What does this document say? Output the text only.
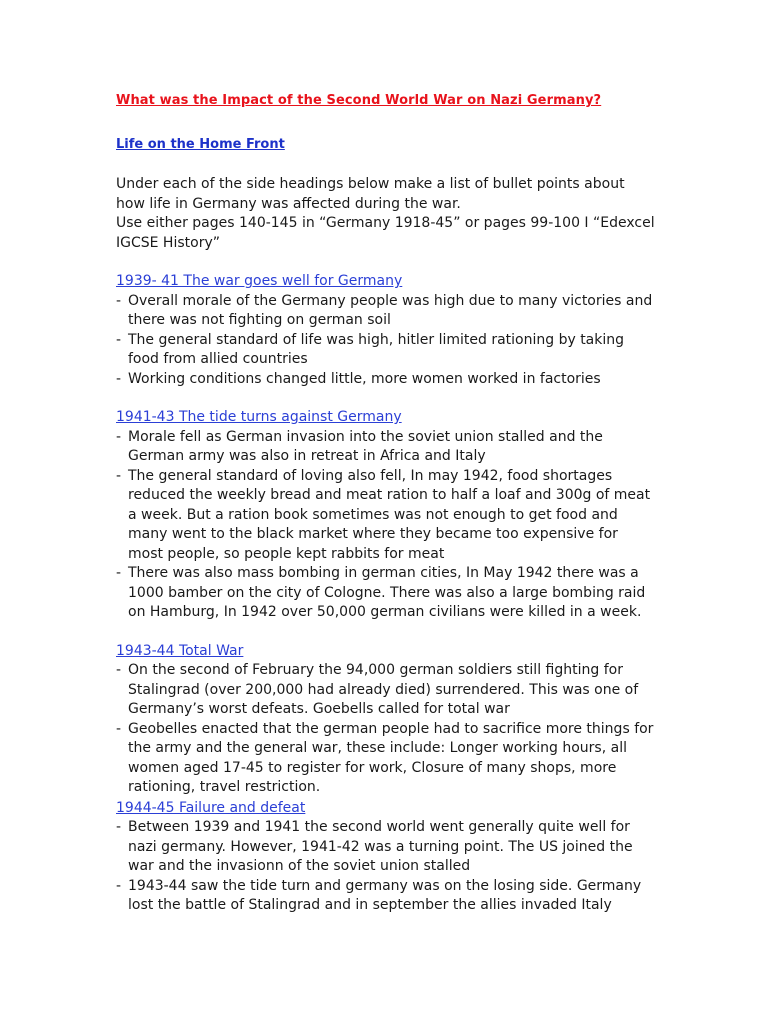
What was the Impact of the Second World War on Nazi Germany?

Life on the Home Front

Under each of the side headings below make a list of bullet points about how life in Germany was affected during the war.

Use either pages 140-145 in “Germany 1918-45” or pages 99-100 I “Edexcel IGCSE History”

1939- 41 The war goes well for Germany

- Overall morale of the Germany people was high due to many victories and there was not fighting on german soil
- The general standard of life was high, hitler limited rationing by taking food from allied countries
- Working conditions changed little, more women worked in factories

1941-43 The tide turns against Germany

- Morale fell as German invasion into the soviet union stalled and the German army was also in retreat in Africa and Italy
- The general standard of loving also fell, In may 1942, food shortages reduced the weekly bread and meat ration to half a loaf and 300g of meat a week. But a ration book sometimes was not enough to get food and many went to the black market where they became too expensive for most people, so people kept rabbits for meat
- There was also mass bombing in german cities, In May 1942 there was a 1000 bamber on the city of Cologne. There was also a large bombing raid on Hamburg, In 1942 over 50,000 german civilians were killed in a week.

1943-44 Total War

- On the second of February the 94,000 german soldiers still fighting for Stalingrad (over 200,000 had already died) surrendered. This was one of Germany’s worst defeats. Goebells called for total war
- Geobelles enacted that the german people had to sacrifice more things for the army and the general war, these include: Longer working hours, all women aged 17-45 to register for work, Closure of many shops, more rationing, travel restriction.

1944-45 Failure and defeat

- Between 1939 and 1941 the second world went generally quite well for nazi germany. However, 1941-42 was a turning point. The US joined the war and the invasionn of the soviet union stalled
- 1943-44 saw the tide turn and germany was on the losing side. Germany lost the battle of Stalingrad and in september the allies invaded Italy
